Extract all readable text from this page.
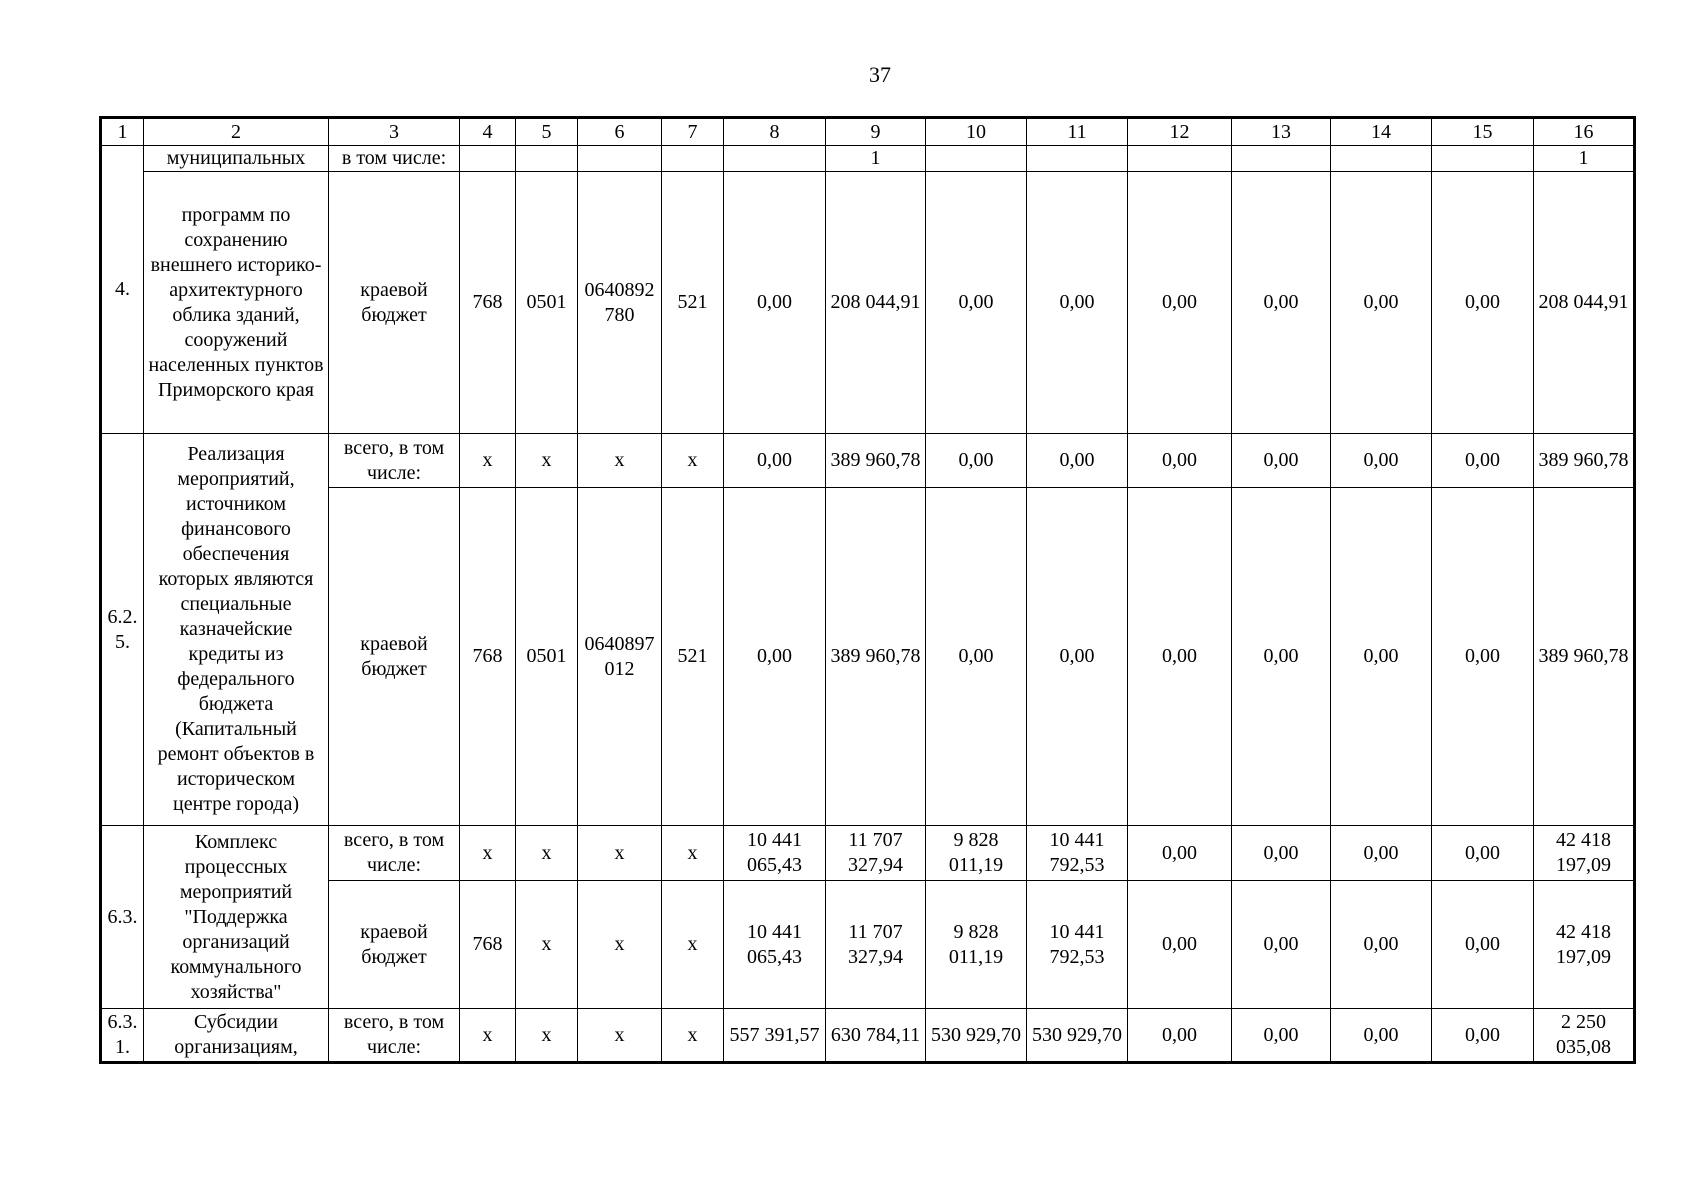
37
1	2	3	4	5	6	7	8	9	10	11	12	13	14	15	16
4.	муниципальных	в том числе:						1							1
	программ по сохранению внешнего историко-архитектурного облика зданий, сооружений населенных пунктов Приморского края	краевой бюджет	768	0501	0640892780	521	0,00	208 044,91	0,00	0,00	0,00	0,00	0,00	0,00	208 044,91
6.2.5.	Реализация мероприятий, источником финансового обеспечения которых являются специальные казначейские кредиты из федерального бюджета (Капитальный ремонт объектов в историческом центре города)	всего, в том числе:	x	x	x	x	0,00	389 960,78	0,00	0,00	0,00	0,00	0,00	0,00	389 960,78
		краевой бюджет	768	0501	0640897012	521	0,00	389 960,78	0,00	0,00	0,00	0,00	0,00	0,00	389 960,78
6.3.	Комплекс процессных мероприятий "Поддержка организаций коммунального хозяйства"	всего, в том числе:	x	x	x	x	10 441 065,43	11 707 327,94	9 828 011,19	10 441 792,53	0,00	0,00	0,00	0,00	42 418 197,09
		краевой бюджет	768	x	x	x	10 441 065,43	11 707 327,94	9 828 011,19	10 441 792,53	0,00	0,00	0,00	0,00	42 418 197,09
6.3.1.	Субсидии организациям,	всего, в том числе:	x	x	x	x	557 391,57	630 784,11	530 929,70	530 929,70	0,00	0,00	0,00	0,00	2 250 035,08
